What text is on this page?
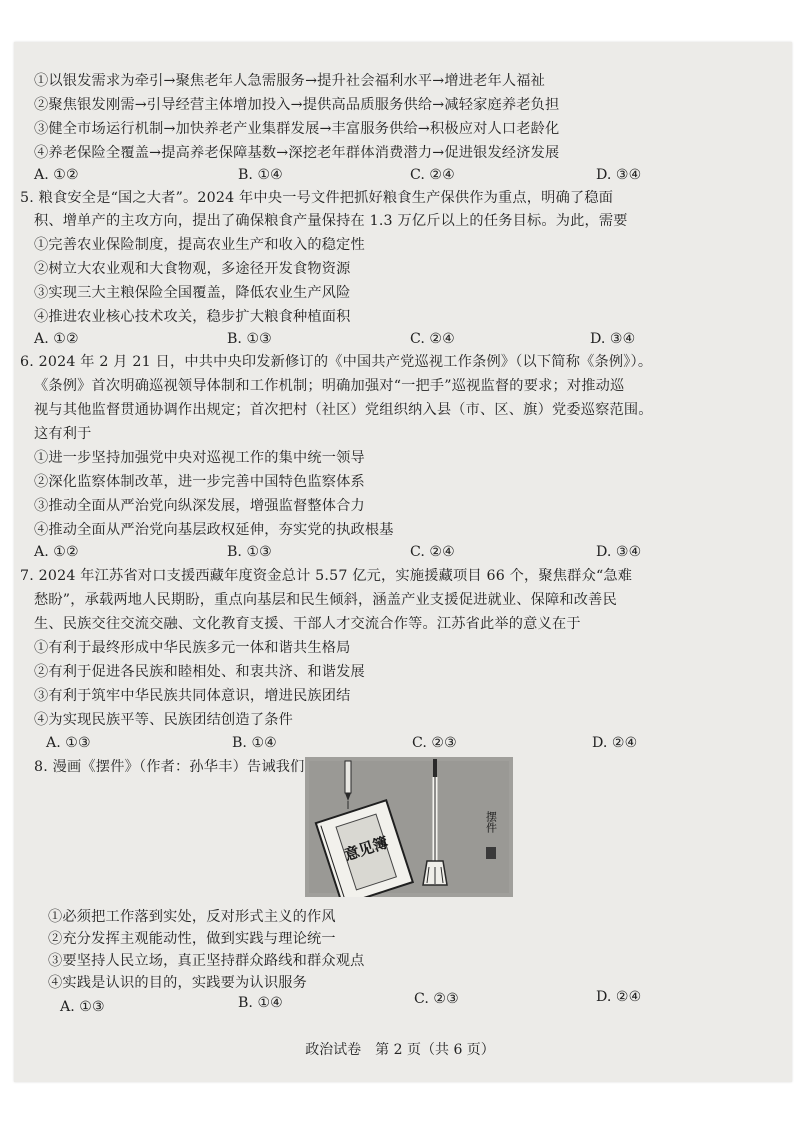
①以银发需求为牵引→聚焦老年人急需服务→提升社会福利水平→增进老年人福祉
②聚焦银发刚需→引导经营主体增加投入→提供高品质服务供给→减轻家庭养老负担
③健全市场运行机制→加快养老产业集群发展→丰富服务供给→积极应对人口老龄化
④养老保险全覆盖→提高养老保障基数→深挖老年群体消费潜力→促进银发经济发展
A. ①②	B. ①④	C. ②④	D. ③④
5. 粮食安全是“国之大者”。2024 年中央一号文件把抓好粮食生产保供作为重点，明确了稳面
积、增单产的主攻方向，提出了确保粮食产量保持在 1.3 万亿斤以上的任务目标。为此，需要
①完善农业保险制度，提高农业生产和收入的稳定性
②树立大农业观和大食物观，多途径开发食物资源
③实现三大主粮保险全国覆盖，降低农业生产风险
④推进农业核心技术攻关，稳步扩大粮食种植面积
A. ①②	B. ①③	C. ②④	D. ③④
6. 2024 年 2 月 21 日，中共中央印发新修订的《中国共产党巡视工作条例》（以下简称《条例》）。
《条例》首次明确巡视领导体制和工作机制；明确加强对“一把手”巡视监督的要求；对推动巡
视与其他监督贯通协调作出规定；首次把村（社区）党组织纳入县（市、区、旗）党委巡察范围。
这有利于
①进一步坚持加强党中央对巡视工作的集中统一领导
②深化监察体制改革，进一步完善中国特色监察体系
③推动全面从严治党向纵深发展，增强监督整体合力
④推动全面从严治党向基层政权延伸，夯实党的执政根基
A. ①②	B. ①③	C. ②④	D. ③④
7. 2024 年江苏省对口支援西藏年度资金总计 5.57 亿元，实施援藏项目 66 个，聚焦群众“急难
愁盼”，承载两地人民期盼，重点向基层和民生倾斜，涵盖产业支援促进就业、保障和改善民
生、民族交往交流交融、文化教育支援、干部人才交流合作等。江苏省此举的意义在于
①有利于最终形成中华民族多元一体和谐共生格局
②有利于促进各民族和睦相处、和衷共济、和谐发展
③有利于筑牢中华民族共同体意识，增进民族团结
④为实现民族平等、民族团结创造了条件
A. ①③	B. ①④	C. ②③	D. ②④
8. 漫画《摆件》（作者：孙华丰）告诫我们
意见簿
摆件
①必须把工作落到实处，反对形式主义的作风
②充分发挥主观能动性，做到实践与理论统一
③要坚持人民立场，真正坚持群众路线和群众观点
④实践是认识的目的，实践要为认识服务
A. ①③	B. ①④	C. ②③	D. ②④
政治试卷　第 2 页（共 6 页）
